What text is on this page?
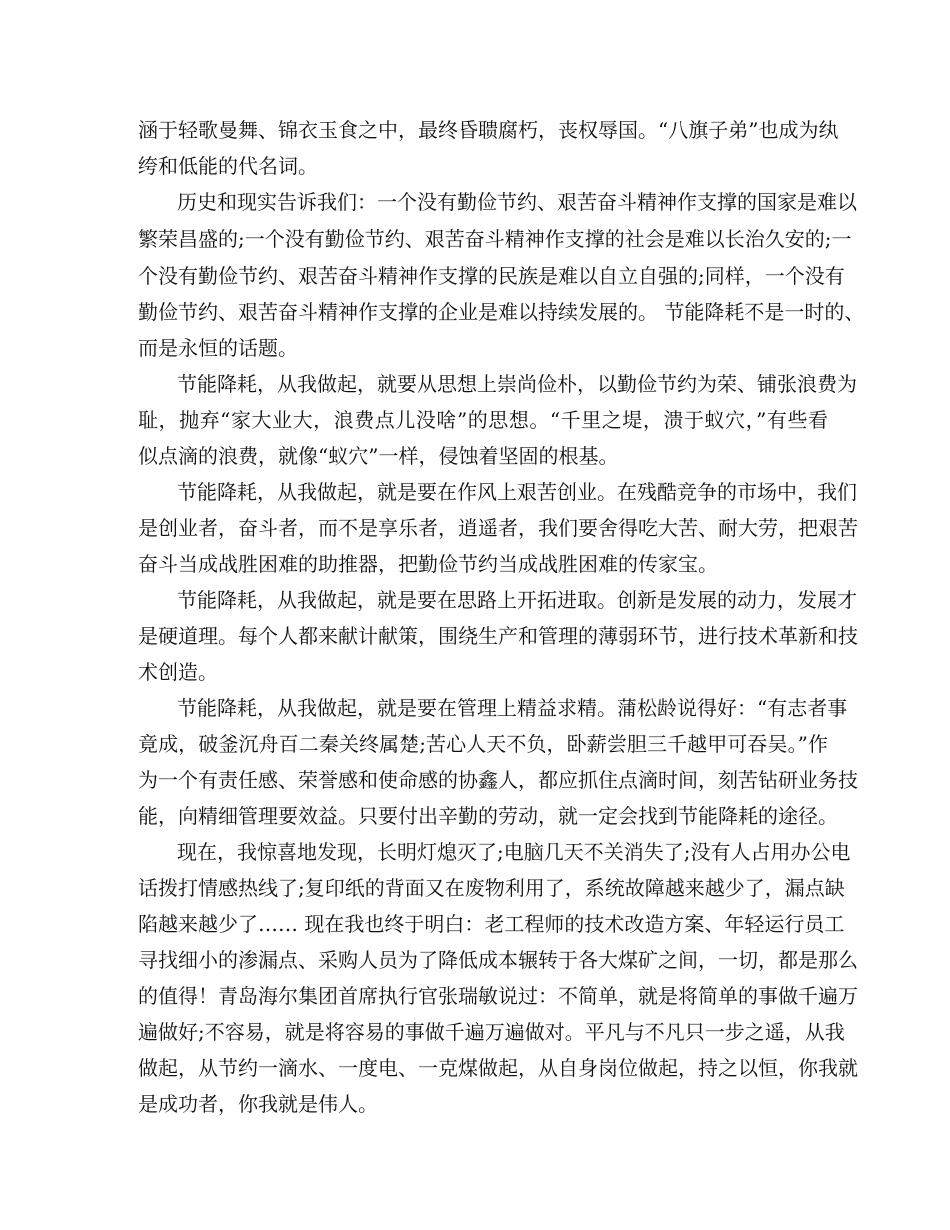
涵于轻歌曼舞、锦衣玉食之中，最终昏聩腐朽，丧权辱国。“八旗子弟”也成为纨
绔和低能的代名词。
历史和现实告诉我们：一个没有勤俭节约、艰苦奋斗精神作支撑的国家是难以
繁荣昌盛的;一个没有勤俭节约、艰苦奋斗精神作支撑的社会是难以长治久安的;一
个没有勤俭节约、艰苦奋斗精神作支撑的民族是难以自立自强的;同样，一个没有
勤俭节约、艰苦奋斗精神作支撑的企业是难以持续发展的。 节能降耗不是一时的、
而是永恒的话题。
节能降耗，从我做起，就要从思想上崇尚俭朴，以勤俭节约为荣、铺张浪费为
耻，抛弃“家大业大，浪费点儿没啥”的思想。“千里之堤，溃于蚁穴，”有些看
似点滴的浪费，就像“蚁穴”一样，侵蚀着坚固的根基。
节能降耗，从我做起，就是要在作风上艰苦创业。在残酷竞争的市场中，我们
是创业者，奋斗者，而不是享乐者，逍遥者，我们要舍得吃大苦、耐大劳，把艰苦
奋斗当成战胜困难的助推器，把勤俭节约当成战胜困难的传家宝。
节能降耗，从我做起，就是要在思路上开拓进取。创新是发展的动力，发展才
是硬道理。每个人都来献计献策，围绕生产和管理的薄弱环节，进行技术革新和技
术创造。
节能降耗，从我做起，就是要在管理上精益求精。蒲松龄说得好：“有志者事
竟成，破釜沉舟百二秦关终属楚;苦心人天不负，卧薪尝胆三千越甲可吞吴。”作
为一个有责任感、荣誉感和使命感的协鑫人，都应抓住点滴时间，刻苦钻研业务技
能，向精细管理要效益。只要付出辛勤的劳动，就一定会找到节能降耗的途径。
现在，我惊喜地发现，长明灯熄灭了;电脑几天不关消失了;没有人占用办公电
话拨打情感热线了;复印纸的背面又在废物利用了，系统故障越来越少了，漏点缺
陷越来越少了…… 现在我也终于明白：老工程师的技术改造方案、年轻运行员工
寻找细小的渗漏点、采购人员为了降低成本辗转于各大煤矿之间，一切，都是那么
的值得！青岛海尔集团首席执行官张瑞敏说过：不简单，就是将简单的事做千遍万
遍做好;不容易，就是将容易的事做千遍万遍做对。平凡与不凡只一步之遥，从我
做起，从节约一滴水、一度电、一克煤做起，从自身岗位做起，持之以恒，你我就
是成功者，你我就是伟人。
